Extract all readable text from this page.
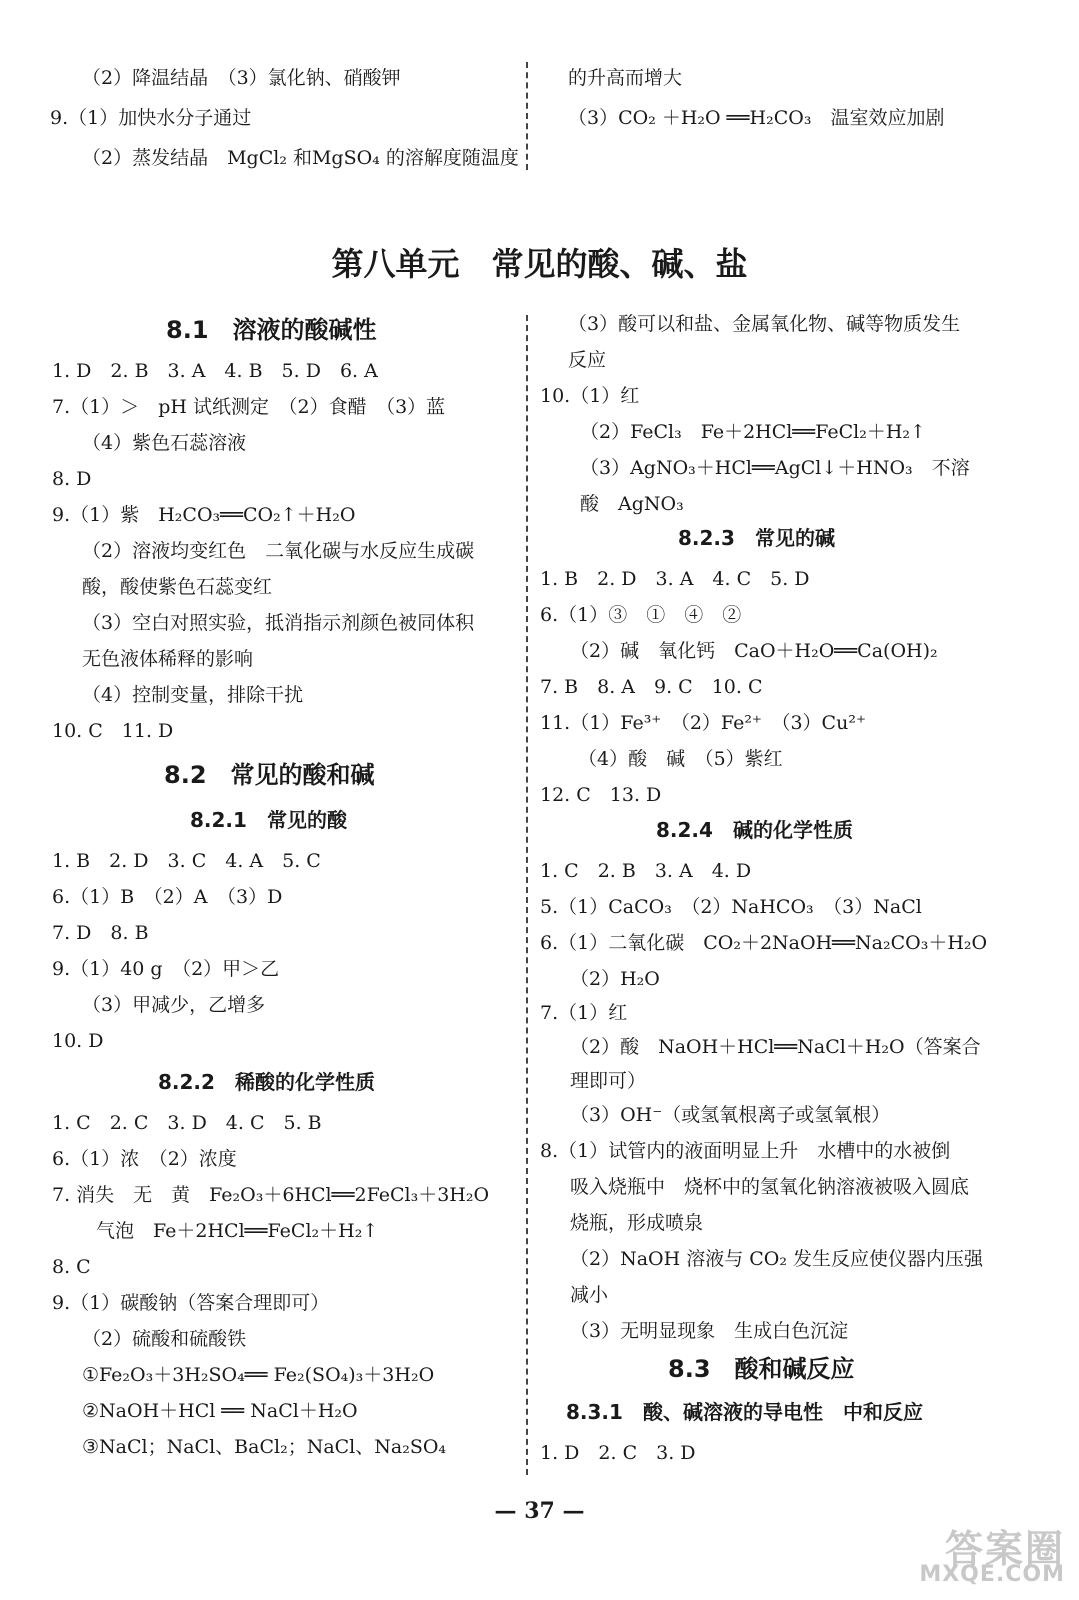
（2）降温结晶　（3）氯化钠、硝酸钾
9.（1）加快水分子通过
（2）蒸发结晶　MgCl₂ 和MgSO₄ 的溶解度随温度
的升高而增大
（3）CO₂ ＋H₂O ══H₂CO₃　温室效应加剧
第八单元　常见的酸、碱、盐
8.1　溶液的酸碱性
1. D　2. B　3. A　4. B　5. D　6. A
7.（1）＞　pH 试纸测定　（2）食醋　（3）蓝
（4）紫色石蕊溶液
8. D
9.（1）紫　H₂CO₃══CO₂↑＋H₂O
（2）溶液均变红色　二氧化碳与水反应生成碳
酸，酸使紫色石蕊变红
（3）空白对照实验，抵消指示剂颜色被同体积
无色液体稀释的影响
（4）控制变量，排除干扰
10. C　11. D
8.2　常见的酸和碱
8.2.1　常见的酸
1. B　2. D　3. C　4. A　5. C
6.（1）B　（2）A　（3）D
7. D　8. B
9.（1）40 g　（2）甲＞乙
（3）甲减少，乙增多
10. D
8.2.2　稀酸的化学性质
1. C　2. C　3. D　4. C　5. B
6.（1）浓　（2）浓度
7. 消失　无　黄　Fe₂O₃＋6HCl══2FeCl₃＋3H₂O
气泡　Fe＋2HCl══FeCl₂＋H₂↑
8. C
9.（1）碳酸钠（答案合理即可）
（2）硫酸和硫酸铁
①Fe₂O₃＋3H₂SO₄══ Fe₂(SO₄)₃＋3H₂O
②NaOH＋HCl ══ NaCl＋H₂O
③NaCl；NaCl、BaCl₂；NaCl、Na₂SO₄
（3）酸可以和盐、金属氧化物、碱等物质发生
反应
10.（1）红
（2）FeCl₃　Fe＋2HCl══FeCl₂＋H₂↑
（3）AgNO₃＋HCl══AgCl↓＋HNO₃　不溶
酸　AgNO₃
8.2.3　常见的碱
1. B　2. D　3. A　4. C　5. D
6.（1）③　①　④　②
（2）碱　氧化钙　CaO＋H₂O══Ca(OH)₂
7. B　8. A　9. C　10. C
11.（1）Fe³⁺　（2）Fe²⁺　（3）Cu²⁺
（4）酸　碱　（5）紫红
12. C　13. D
8.2.4　碱的化学性质
1. C　2. B　3. A　4. D
5.（1）CaCO₃　（2）NaHCO₃　（3）NaCl
6.（1）二氧化碳　CO₂＋2NaOH══Na₂CO₃＋H₂O
（2）H₂O
7.（1）红
（2）酸　NaOH＋HCl══NaCl＋H₂O（答案合
理即可）
（3）OH⁻（或氢氧根离子或氢氧根）
8.（1）试管内的液面明显上升　水槽中的水被倒
吸入烧瓶中　烧杯中的氢氧化钠溶液被吸入圆底
烧瓶，形成喷泉
（2）NaOH 溶液与 CO₂ 发生反应使仪器内压强
减小
（3）无明显现象　生成白色沉淀
8.3　酸和碱反应
8.3.1　酸、碱溶液的导电性　中和反应
1. D　2. C　3. D
— 37 —
答案圈
MXQE.COM
